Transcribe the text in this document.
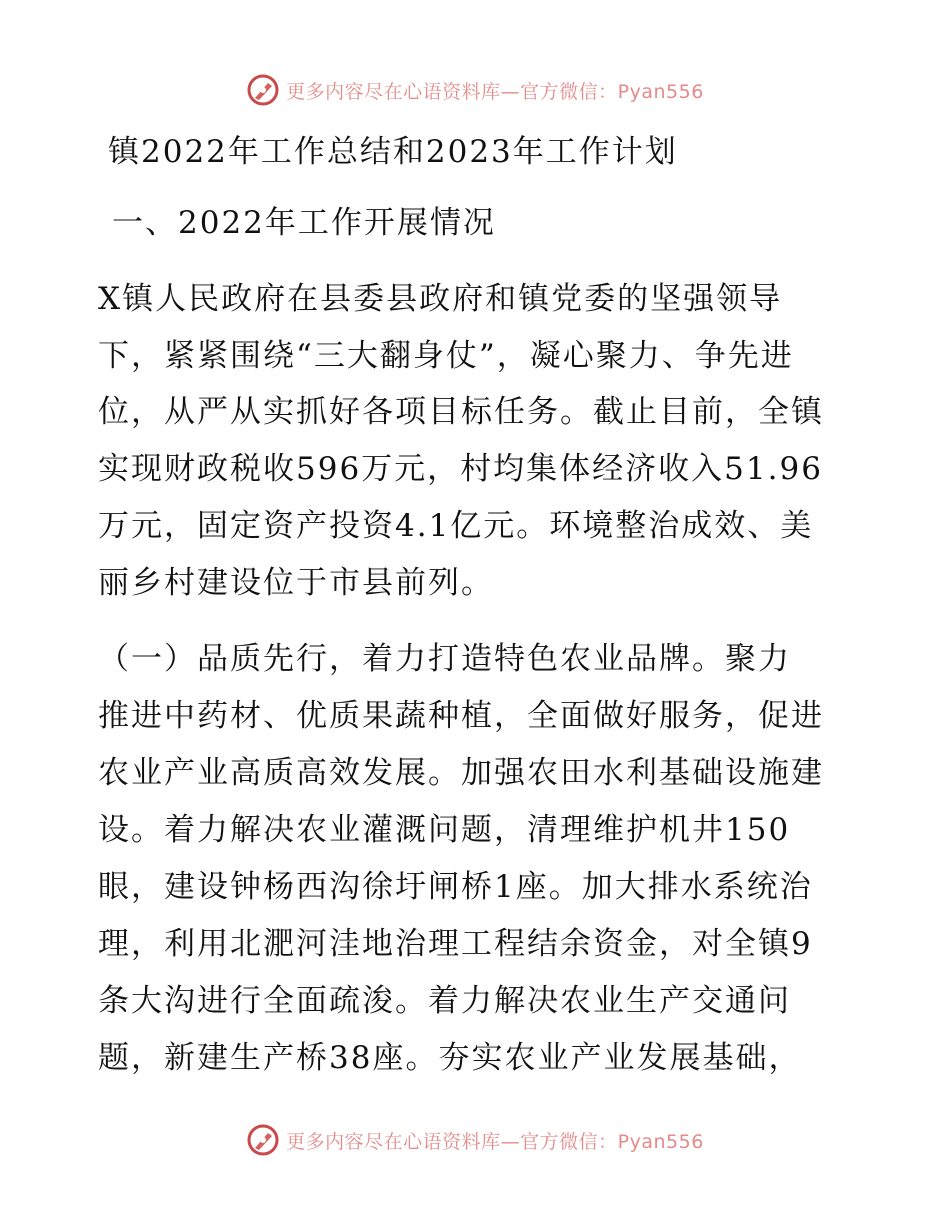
更多内容尽在心语资料库—官方微信：Pyan556
镇2022年工作总结和2023年工作计划
一、2022年工作开展情况
X镇人民政府在县委县政府和镇党委的坚强领导
下，紧紧围绕“三大翻身仗”，凝心聚力、争先进
位，从严从实抓好各项目标任务。截止目前，全镇
实现财政税收596万元，村均集体经济收入51.96
万元，固定资产投资4.1亿元。环境整治成效、美
丽乡村建设位于市县前列。
（一）品质先行，着力打造特色农业品牌。聚力
推进中药材、优质果蔬种植，全面做好服务，促进
农业产业高质高效发展。加强农田水利基础设施建
设。着力解决农业灌溉问题，清理维护机井150
眼，建设钟杨西沟徐圩闸桥1座。加大排水系统治
理，利用北淝河洼地治理工程结余资金，对全镇9
条大沟进行全面疏浚。着力解决农业生产交通问
题，新建生产桥38座。夯实农业产业发展基础，
更多内容尽在心语资料库—官方微信：Pyan556
